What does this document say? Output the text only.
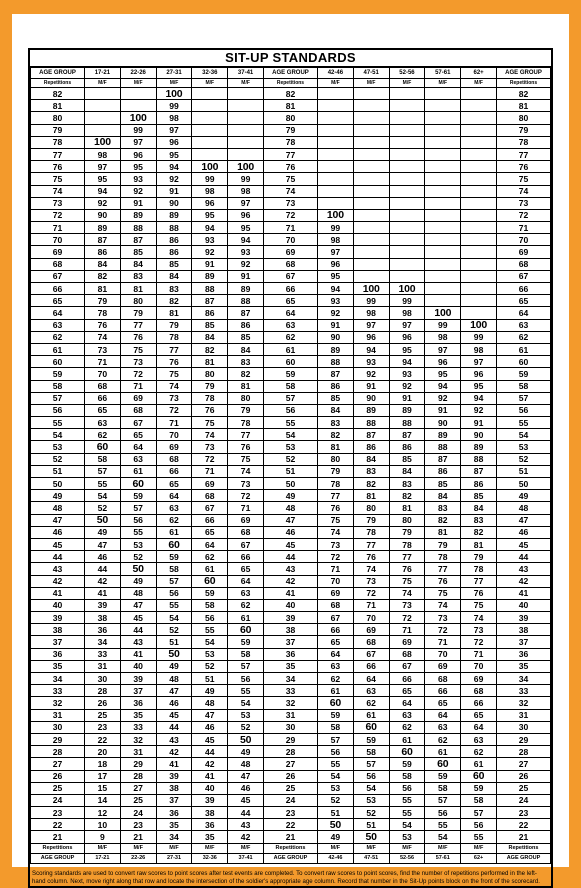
SIT-UP STANDARDS
AGE GROUP	17-21	22-26	27-31	32-36	37-41	AGE GROUP	42-46	47-51	52-56	57-61	62+	AGE GROUP
Repetitions	M/F	M/F	M/F	M/F	M/F	Repetitions	M/F	M/F	M/F	M/F	M/F	Repetitions
82			100			82						82
81			99			81						81
80		100	98			80						80
79		99	97			79						79
78	100	97	96			78						78
77	98	96	95			77						77
76	97	95	94	100	100	76						76
75	95	93	92	99	99	75						75
74	94	92	91	98	98	74						74
73	92	91	90	96	97	73						73
72	90	89	89	95	96	72	100					72
71	89	88	88	94	95	71	99					71
70	87	87	86	93	94	70	98					70
69	86	85	86	92	93	69	97					69
68	84	84	85	91	92	68	96					68
67	82	83	84	89	91	67	95					67
66	81	81	83	88	89	66	94	100	100			66
65	79	80	82	87	88	65	93	99	99			65
64	78	79	81	86	87	64	92	98	98	100		64
63	76	77	79	85	86	63	91	97	97	99	100	63
62	74	76	78	84	85	62	90	96	96	98	99	62
61	73	75	77	82	84	61	89	94	95	97	98	61
60	71	73	76	81	83	60	88	93	94	96	97	60
59	70	72	75	80	82	59	87	92	93	95	96	59
58	68	71	74	79	81	58	86	91	92	94	95	58
57	66	69	73	78	80	57	85	90	91	92	94	57
56	65	68	72	76	79	56	84	89	89	91	92	56
55	63	67	71	75	78	55	83	88	88	90	91	55
54	62	65	70	74	77	54	82	87	87	89	90	54
53	60	64	69	73	76	53	81	86	86	88	89	53
52	58	63	68	72	75	52	80	84	85	87	88	52
51	57	61	66	71	74	51	79	83	84	86	87	51
50	55	60	65	69	73	50	78	82	83	85	86	50
49	54	59	64	68	72	49	77	81	82	84	85	49
48	52	57	63	67	71	48	76	80	81	83	84	48
47	50	56	62	66	69	47	75	79	80	82	83	47
46	49	55	61	65	68	46	74	78	79	81	82	46
45	47	53	60	64	67	45	73	77	78	79	81	45
44	46	52	59	62	66	44	72	76	77	78	79	44
43	44	50	58	61	65	43	71	74	76	77	78	43
42	42	49	57	60	64	42	70	73	75	76	77	42
41	41	48	56	59	63	41	69	72	74	75	76	41
40	39	47	55	58	62	40	68	71	73	74	75	40
39	38	45	54	56	61	39	67	70	72	73	74	39
38	36	44	52	55	60	38	66	69	71	72	73	38
37	34	43	51	54	59	37	65	68	69	71	72	37
36	33	41	50	53	58	36	64	67	68	70	71	36
35	31	40	49	52	57	35	63	66	67	69	70	35
34	30	39	48	51	56	34	62	64	66	68	69	34
33	28	37	47	49	55	33	61	63	65	66	68	33
32	26	36	46	48	54	32	60	62	64	65	66	32
31	25	35	45	47	53	31	59	61	63	64	65	31
30	23	33	44	46	52	30	58	60	62	63	64	30
29	22	32	43	45	50	29	57	59	61	62	63	29
28	20	31	42	44	49	28	56	58	60	61	62	28
27	18	29	41	42	48	27	55	57	59	60	61	27
26	17	28	39	41	47	26	54	56	58	59	60	26
25	15	27	38	40	46	25	53	54	56	58	59	25
24	14	25	37	39	45	24	52	53	55	57	58	24
23	12	24	36	38	44	23	51	52	55	56	57	23
22	10	23	35	36	43	22	50	51	54	55	56	22
21	9	21	34	35	42	21	49	50	53	54	55	21
Repetitions	M/F	M/F	M/F	M/F	M/F	Repetitions	M/F	M/F	M/F	M/F	M/F	Repetitions
AGE GROUP	17-21	22-26	27-31	32-36	37-41	AGE GROUP	42-46	47-51	52-56	57-61	62+	AGE GROUP
Scoring standards are used to convert raw scores to point scores after test events are completed. To convert raw scores to point scores, find the number of repetitions performed in the left-hand column. Next, move right along that row and locate the intersection of the soldier's appropriate age column. Record that number in the Sit-Up points block on the front of the scorecard.
